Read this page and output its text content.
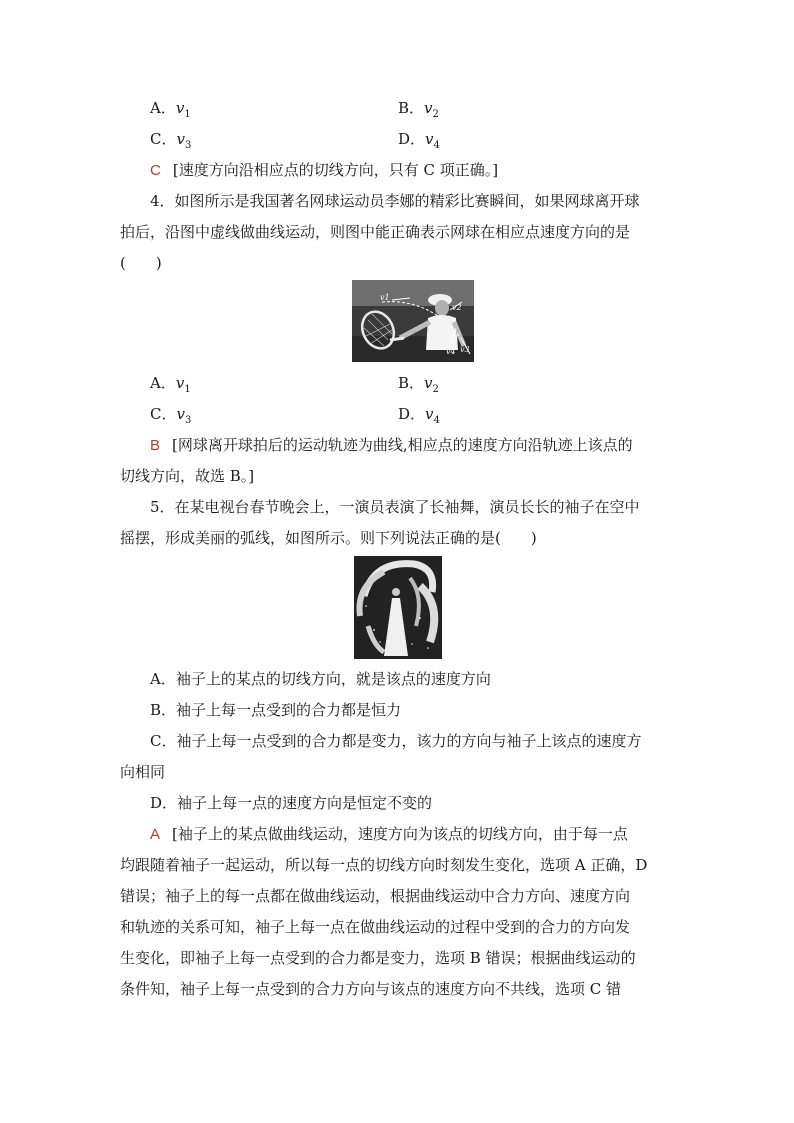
A．$v_1$	B．$v_2$
C．$v_3$	D．$v_4$
C [速度方向沿相应点的切线方向，只有 C 项正确。]
4．如图所示是我国著名网球运动员李娜的精彩比赛瞬间，如果网球离开球
拍后，沿图中虚线做曲线运动，则图中能正确表示网球在相应点速度方向的是
(　　)
v1
v2
v3
v4
A．$v_1$	B．$v_2$
C．$v_3$	D．$v_4$
B [网球离开球拍后的运动轨迹为曲线,相应点的速度方向沿轨迹上该点的
切线方向，故选 B。]
5．在某电视台春节晚会上，一演员表演了长袖舞，演员长长的袖子在空中
摇摆，形成美丽的弧线，如图所示。则下列说法正确的是(　　)
A．袖子上的某点的切线方向，就是该点的速度方向
B．袖子上每一点受到的合力都是恒力
C．袖子上每一点受到的合力都是变力，该力的方向与袖子上该点的速度方
向相同
D．袖子上每一点的速度方向是恒定不变的
A [袖子上的某点做曲线运动，速度方向为该点的切线方向，由于每一点
均跟随着袖子一起运动，所以每一点的切线方向时刻发生变化，选项 A 正确，D
错误；袖子上的每一点都在做曲线运动，根据曲线运动中合力方向、速度方向
和轨迹的关系可知，袖子上每一点在做曲线运动的过程中受到的合力的方向发
生变化，即袖子上每一点受到的合力都是变力，选项 B 错误；根据曲线运动的
条件知，袖子上每一点受到的合力方向与该点的速度方向不共线，选项 C 错
